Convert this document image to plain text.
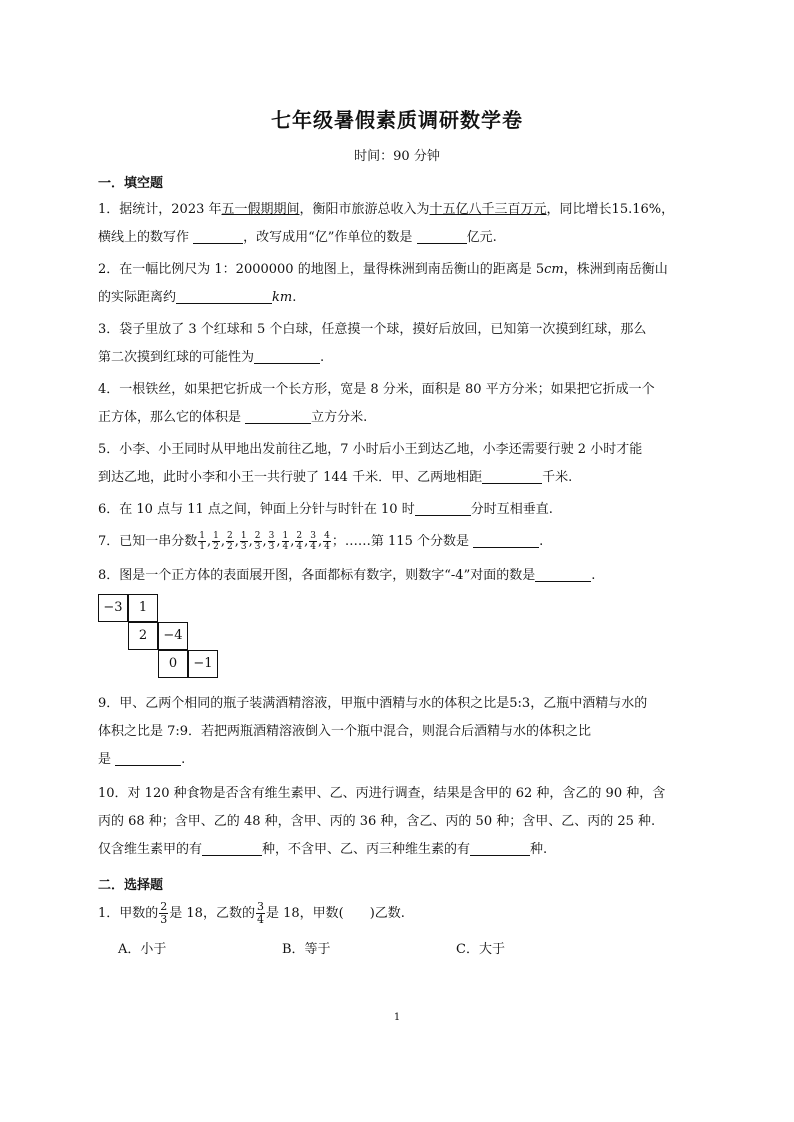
七年级暑假素质调研数学卷
时间：90 分钟
一．填空题
1．据统计，2023 年五一假期期间，衡阳市旅游总收入为十五亿八千三百万元，同比增长15.16%，
横线上的数写作	，改写成用“亿”作单位的数是	亿元.
2．在一幅比例尺为 1：2000000 的地图上，量得株洲到南岳衡山的距离是 5cm，株洲到南岳衡山
的实际距离约	km.
3．袋子里放了 3 个红球和 5 个白球，任意摸一个球，摸好后放回，已知第一次摸到红球，那么
第二次摸到红球的可能性为	.
4．一根铁丝，如果把它折成一个长方形，宽是 8 分米，面积是 80 平方分米；如果把它折成一个
正方体，那么它的体积是	立方分米.
5．小李、小王同时从甲地出发前往乙地，7 小时后小王到达乙地，小李还需要行驶 2 小时才能
到达乙地，此时小李和小王一共行驶了 144 千米．甲、乙两地相距	千米.
6．在 10 点与 11 点之间，钟面上分针与时针在 10 时	分时互相垂直.
7．已知一串分数 $\frac{1}{1}$ , $\frac{1}{2}$ , $\frac{2}{2}$ , $\frac{1}{3}$ , $\frac{2}{3}$ , $\frac{3}{3}$ , $\frac{1}{4}$ , $\frac{2}{4}$ , $\frac{3}{4}$ , $\frac{4}{4}$ ；……第 115 个分数是	.
8．图是一个正方体的表面展开图，各面都标有数字，则数字“-4”对面的数是	.
−3	1
2	−4
0	−1
9．甲、乙两个相同的瓶子装满酒精溶液，甲瓶中酒精与水的体积之比是5:3，乙瓶中酒精与水的
体积之比是 7:9．若把两瓶酒精溶液倒入一个瓶中混合，则混合后酒精与水的体积之比
是	.
10．对 120 种食物是否含有维生素甲、乙、丙进行调查，结果是含甲的 62 种，含乙的 90 种，含
丙的 68 种；含甲、乙的 48 种，含甲、丙的 36 种，含乙、丙的 50 种；含甲、乙、丙的 25 种.
仅含维生素甲的有	种，不含甲、乙、丙三种维生素的有	种.
二．选择题
1．甲数的 $\frac{2}{3}$ 是 18，乙数的 $\frac{3}{4}$ 是 18，甲数(　　)乙数.
A．小于	B．等于	C．大于
1
